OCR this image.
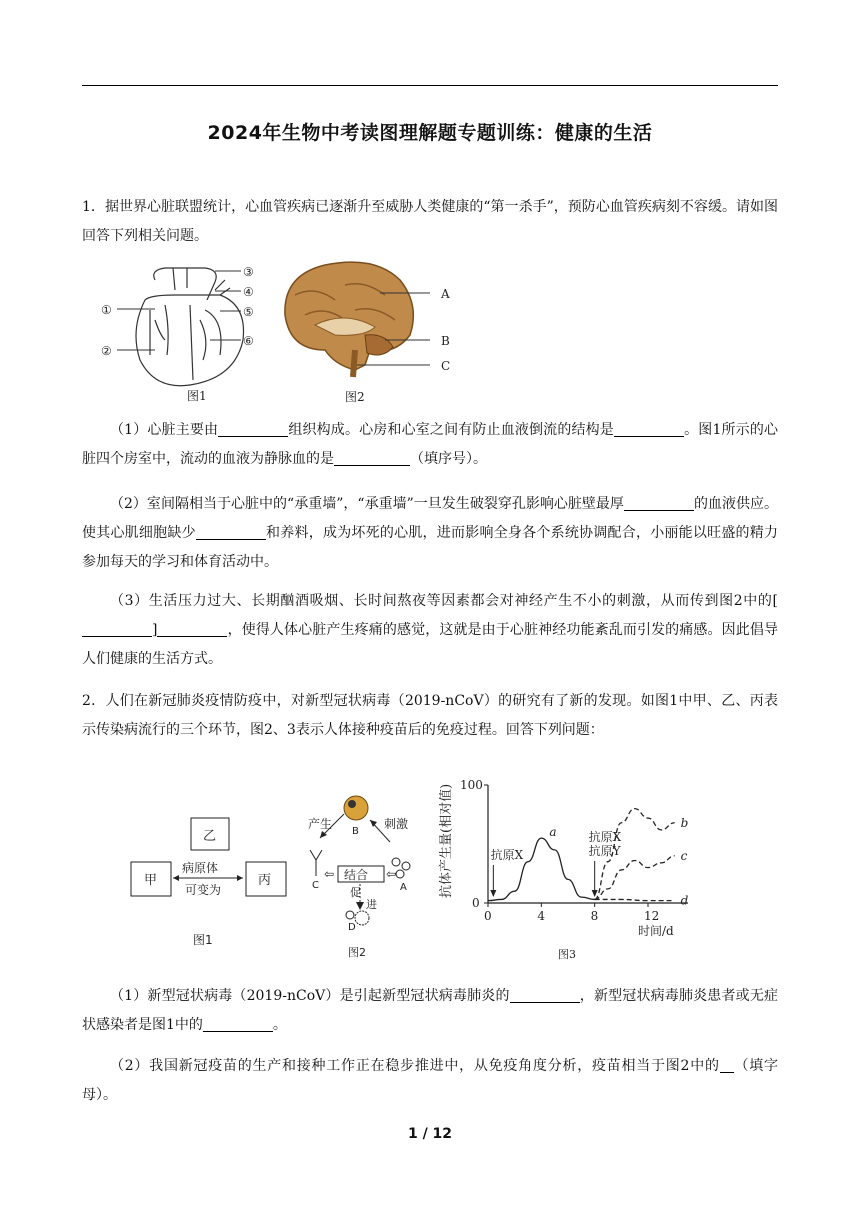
2024年生物中考读图理解题专题训练：健康的生活
1．据世界心脏联盟统计，心血管疾病已逐渐升至威胁人类健康的“第一杀手”，预防心血管疾病刻不容缓。请如图回答下列相关问题。
①
②
③
④
⑤
⑥
图1
A
B
C
图2
（1）心脏主要由	组织构成。心房和心室之间有防止血液倒流的结构是	。图1所示的心脏四个房室中，流动的血液为静脉血的是	（填序号）。
（2）室间隔相当于心脏中的“承重墙”，“承重墙”一旦发生破裂穿孔影响心脏壁最厚	的血液供应。使其心肌细胞缺少	和养料，成为坏死的心肌，进而影响全身各个系统协调配合，小丽能以旺盛的精力参加每天的学习和体育活动中。
（3）生活压力过大、长期酗酒吸烟、长时间熬夜等因素都会对神经产生不小的刺激，从而传到图2中的[]	，使得人体心脏产生疼痛的感觉，这就是由于心脏神经功能紊乱而引发的痛感。因此倡导人们健康的生活方式。
2．人们在新冠肺炎疫情防疫中，对新型冠状病毒（2019-nCoV）的研究有了新的发现。如图1中甲、乙、丙表示传染病流行的三个环节，图2、3表示人体接种疫苗后的免疫过程。回答下列问题：
乙
甲	丙
病原体
可变为
图1
⇦	⇦
产生	刺激
结合
促
进
B
C	A
D
图2
0	4	8	12
0
100
抗体产生量(相对值)
时间/d
图3
a
b
c
d
抗原X
抗原X
抗原Y
（1）新型冠状病毒（2019-nCoV）是引起新型冠状病毒肺炎的	，新型冠状病毒肺炎患者或无症状感染者是图1中的	。
（2）我国新冠疫苗的生产和接种工作正在稳步推进中，从免疫角度分析，疫苗相当于图2中的 （填字母）。
1 / 12
